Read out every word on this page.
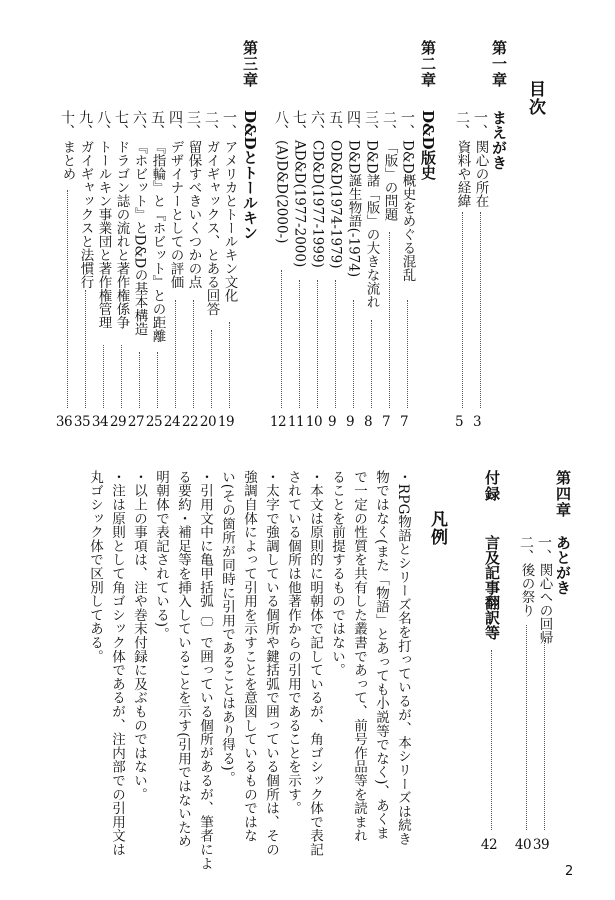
目次
第一章
まえがき
一、
関心の所在
3
二、
資料や経緯
5
第二章
D&D版史
一、
D&D概史をめぐる混乱
7
二、
「版」の問題
7
三、
D&D諸「版」の大きな流れ
8
四、
D&D誕生物語(-1974)
9
五、
OD&D(1974-1979)
9
六、
CD&D(1977-1999)
10
七、
AD&D(1977-2000)
11
八、
(A)D&D(2000-)
12
第三章
D&Dとトールキン
一、
アメリカとトールキン文化
19
二、
ガイギャックス、とある回答
20
三、
留保すべきいくつかの点
22
四、
デザイナーとしての評価
24
五、
『指輪』と『ホビット』との距離
25
六、
『ホビット』とD&Dの基本構造
27
七、
ドラゴン誌の流れと著作権係争
29
八、
トールキン事業団と著作権管理
34
九、
ガイギャックスと法慣行
35
十、
まとめ
36
第四章
あとがき
一、
関心への回帰
39
二、
後の祭り
40
付録
言及記事翻訳等
42
凡例
・RPG物語とシリーズ名を打っているが、本シリーズは続き
物ではなく(また「物語」とあっても小説等でなく)、あくま
で一定の性質を共有した叢書であって、前号作品等を読まれ
ることを前提するものではない。
・本文は原則的に明朝体で記しているが、角ゴシック体で表記
されている個所は他著作からの引用であることを示す。
・太字で強調している個所や鍵括弧で囲っている個所は、その
強調自体によって引用を示すことを意図しているものではな
い(その箇所が同時に引用であることはあり得る)。
・引用文中に亀甲括弧〔〕で囲っている個所があるが、筆者によ
る要約・補足等を挿入していることを示す(引用ではないため
明朝体で表記されている)。
・以上の事項は、注や巻末付録に及ぶものではない。
・注は原則として角ゴシック体であるが、注内部での引用文は
丸ゴシック体で区別してある。
2
